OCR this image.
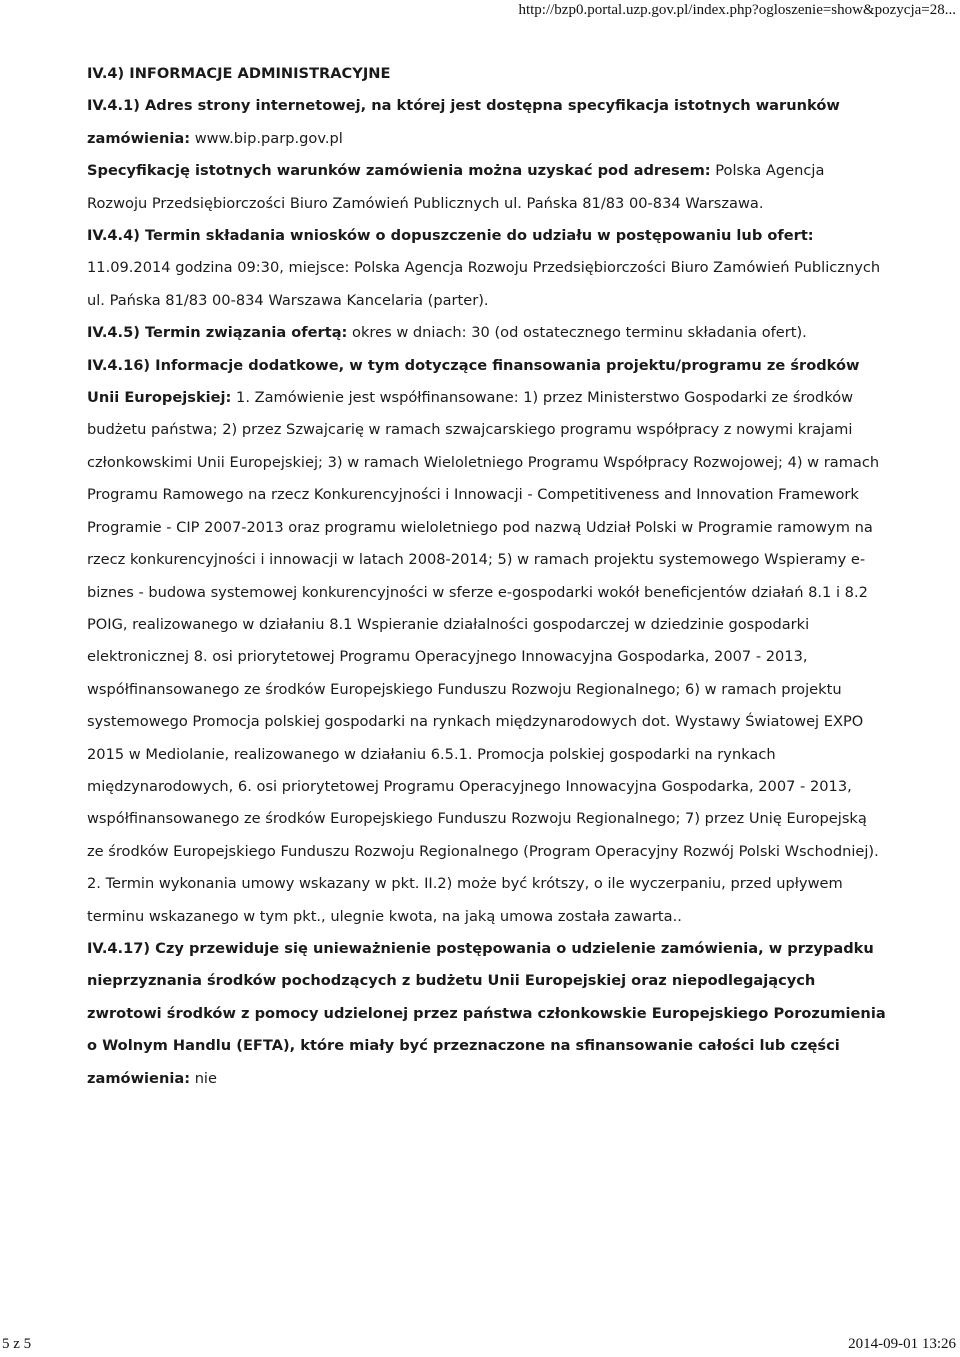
http://bzp0.portal.uzp.gov.pl/index.php?ogloszenie=show&pozycja=28...

IV.4) INFORMACJE ADMINISTRACYJNE

IV.4.1) Adres strony internetowej, na której jest dostępna specyfikacja istotnych warunków zamówienia: www.bip.parp.gov.pl

Specyfikację istotnych warunków zamówienia można uzyskać pod adresem: Polska Agencja Rozwoju Przedsiębiorczości Biuro Zamówień Publicznych ul. Pańska 81/83 00-834 Warszawa.

IV.4.4) Termin składania wniosków o dopuszczenie do udziału w postępowaniu lub ofert: 11.09.2014 godzina 09:30, miejsce: Polska Agencja Rozwoju Przedsiębiorczości Biuro Zamówień Publicznych ul. Pańska 81/83 00-834 Warszawa Kancelaria (parter).

IV.4.5) Termin związania ofertą: okres w dniach: 30 (od ostatecznego terminu składania ofert).

IV.4.16) Informacje dodatkowe, w tym dotyczące finansowania projektu/programu ze środków Unii Europejskiej: 1. Zamówienie jest współfinansowane: 1) przez Ministerstwo Gospodarki ze środków budżetu państwa; 2) przez Szwajcarię w ramach szwajcarskiego programu współpracy z nowymi krajami członkowskimi Unii Europejskiej; 3) w ramach Wieloletniego Programu Współpracy Rozwojowej; 4) w ramach Programu Ramowego na rzecz Konkurencyjności i Innowacji - Competitiveness and Innovation Framework Programie - CIP 2007-2013 oraz programu wieloletniego pod nazwą Udział Polski w Programie ramowym na rzecz konkurencyjności i innowacji w latach 2008-2014; 5) w ramach projektu systemowego Wspieramy e-biznes - budowa systemowej konkurencyjności w sferze e-gospodarki wokół beneficjentów działań 8.1 i 8.2 POIG, realizowanego w działaniu 8.1 Wspieranie działalności gospodarczej w dziedzinie gospodarki elektronicznej 8. osi priorytetowej Programu Operacyjnego Innowacyjna Gospodarka, 2007 - 2013, współfinansowanego ze środków Europejskiego Funduszu Rozwoju Regionalnego; 6) w ramach projektu systemowego Promocja polskiej gospodarki na rynkach międzynarodowych dot. Wystawy Światowej EXPO 2015 w Mediolanie, realizowanego w działaniu 6.5.1. Promocja polskiej gospodarki na rynkach międzynarodowych, 6. osi priorytetowej Programu Operacyjnego Innowacyjna Gospodarka, 2007 - 2013, współfinansowanego ze środków Europejskiego Funduszu Rozwoju Regionalnego; 7) przez Unię Europejską ze środków Europejskiego Funduszu Rozwoju Regionalnego (Program Operacyjny Rozwój Polski Wschodniej). 2. Termin wykonania umowy wskazany w pkt. II.2) może być krótszy, o ile wyczerpaniu, przed upływem terminu wskazanego w tym pkt., ulegnie kwota, na jaką umowa została zawarta..

IV.4.17) Czy przewiduje się unieważnienie postępowania o udzielenie zamówienia, w przypadku nieprzyznania środków pochodzących z budżetu Unii Europejskiej oraz niepodlegających zwrotowi środków z pomocy udzielonej przez państwa członkowskie Europejskiego Porozumienia o Wolnym Handlu (EFTA), które miały być przeznaczone na sfinansowanie całości lub części zamówienia: nie

5 z 5	2014-09-01 13:26
